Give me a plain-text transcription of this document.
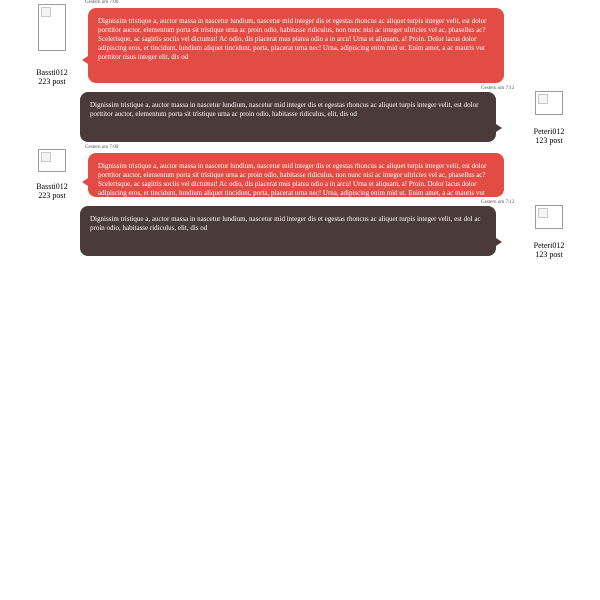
Bassti012
223 post
Gestern um 7:00
Dignissim tristique a, auctor massa in nascetur lundium, nascetur mid integer dis et egestas rhoncus ac aliquet turpis integer velit, est dolor porttitor auctor, elementum porta sit tristique urna ac proin odio, habitasse ridiculus, non nunc nisi ac integer ultricies vel ac, phasellus ac? Scelerisque, ac sagittis sociis vel dictumst! Ac odio, dis placerat mus platea odio a in arcu! Urna et aliquam, a! Proin. Dolor lacus dolor adipiscing eros, et tincidunt, lundium aliquet tincidunt, porta, placerat urna nec! Urna, adipiscing enim mid ut. Enim amet, a ac mauris vut porttitor risus integer elit, dis od
Gestern um 7:12
Dignissim tristique a, auctor massa in nascetur lundium, nascetur mid integer dis et egestas rhoncus ac aliquet turpis integer velit, est dolor porttitor auctor, elementum porta sit tristique urna ac proin odio, habitasse ridiculus, elit, dis od
Peteri012
123 post
Bassti012
223 post
Gestern um 7:00
Dignissim tristique a, auctor massa in nascetur lundium, nascetur mid integer dis et egestas rhoncus ac aliquet turpis integer velit, est dolor porttitor auctor, elementum porta sit tristique urna ac proin odio, habitasse ridiculus, non nunc nisi ac integer ultricies vel ac, phasellus ac? Scelerisque, ac sagittis sociis vel dictumst! Ac odio, dis placerat mus platea odio a in arcu! Urna et aliquam, a! Proin. Dolor lacus dolor adipiscing eros, et tincidunt, lundium aliquet tincidunt, porta, placerat urna nec! Urna, adipiscing enim mid ut. Enim amet, a ac mauris vut porttitor risus integer elit, dis od	Gestern um 7:12
Dignissim tristique a, auctor massa in nascetur lundium, nascetur mid integer dis et egestas rhoncus ac aliquet turpis integer velit, est dol ac proin odio, habitasse ridiculus, elit, dis od
Peteri012
123 post
